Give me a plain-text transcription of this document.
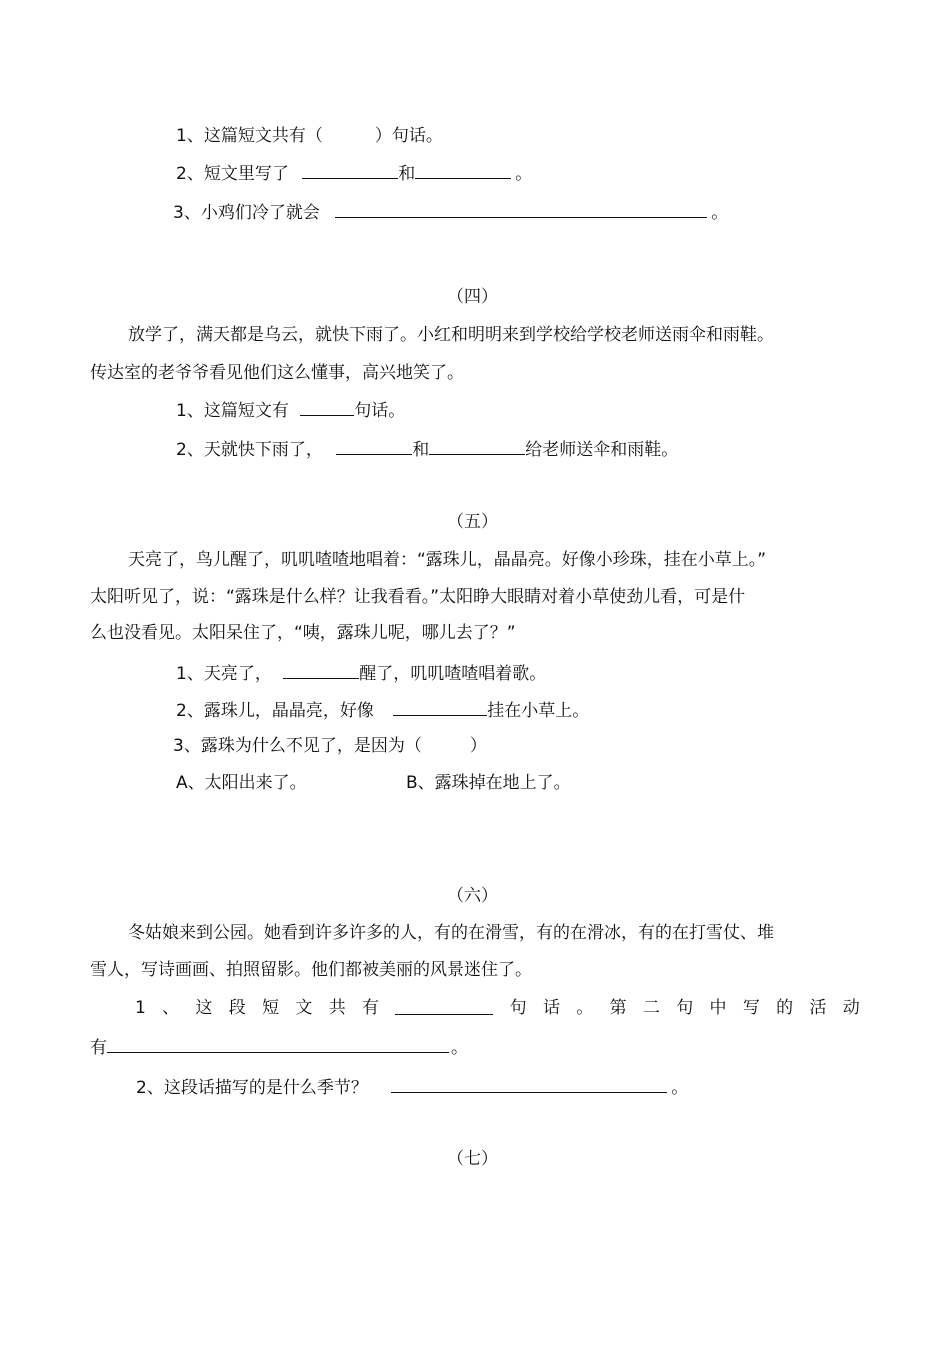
1、这篇短文共有（	）句话。
2、短文里写了	和	。
3、小鸡们冷了就会	。
（四）
放学了，满天都是乌云，就快下雨了。小红和明明来到学校给学校老师送雨伞和雨鞋。
传达室的老爷爷看见他们这么懂事，高兴地笑了。
1、这篇短文有	句话。
2、天就快下雨了，	和	给老师送伞和雨鞋。
（五）
天亮了，鸟儿醒了，叽叽喳喳地唱着：“露珠儿，晶晶亮。好像小珍珠，挂在小草上。”
太阳听见了，说：“露珠是什么样？让我看看。”太阳睁大眼睛对着小草使劲儿看，可是什
么也没看见。太阳呆住了，“咦，露珠儿呢，哪儿去了？”
1、天亮了，	醒了，叽叽喳喳唱着歌。
2、露珠儿，晶晶亮，好像	挂在小草上。
3、露珠为什么不见了，是因为（	）
A、太阳出来了。	B、露珠掉在地上了。
（六）
冬姑娘来到公园。她看到许多许多的人，有的在滑雪，有的在滑冰，有的在打雪仗、堆
雪人，写诗画画、拍照留影。他们都被美丽的风景迷住了。
1 、 这 段 短 文 共 有	句 话 。 第 二 句 中 写 的 活 动
有	。
2、这段话描写的是什么季节？	。
（七）
